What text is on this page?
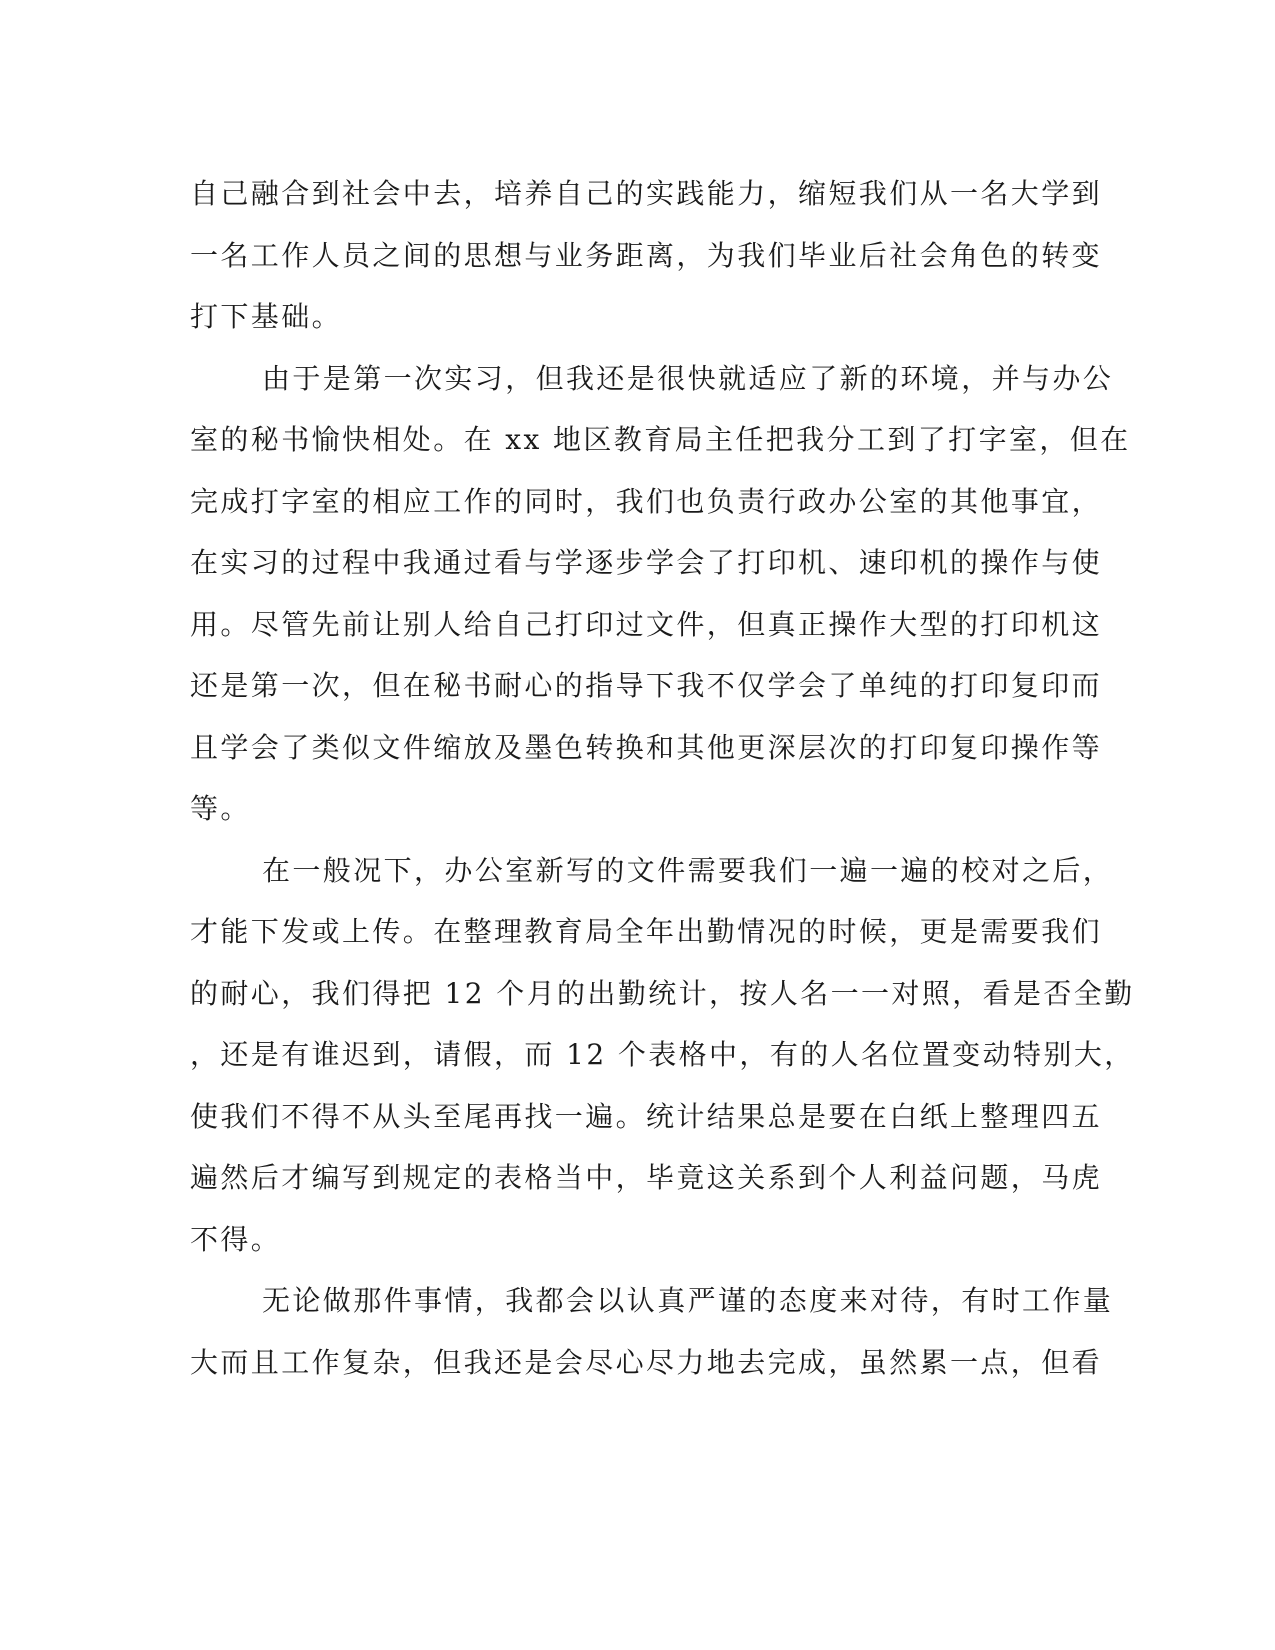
自己融合到社会中去，培养自己的实践能力，缩短我们从一名大学到
一名工作人员之间的思想与业务距离，为我们毕业后社会角色的转变
打下基础。
由于是第一次实习，但我还是很快就适应了新的环境，并与办公
室的秘书愉快相处。在 xx 地区教育局主任把我分工到了打字室，但在
完成打字室的相应工作的同时，我们也负责行政办公室的其他事宜，
在实习的过程中我通过看与学逐步学会了打印机、速印机的操作与使
用。尽管先前让别人给自己打印过文件，但真正操作大型的打印机这
还是第一次，但在秘书耐心的指导下我不仅学会了单纯的打印复印而
且学会了类似文件缩放及墨色转换和其他更深层次的打印复印操作等
等。
在一般况下，办公室新写的文件需要我们一遍一遍的校对之后，
才能下发或上传。在整理教育局全年出勤情况的时候，更是需要我们
的耐心，我们得把 12 个月的出勤统计，按人名一一对照，看是否全勤
，还是有谁迟到，请假，而 12 个表格中，有的人名位置变动特别大，
使我们不得不从头至尾再找一遍。统计结果总是要在白纸上整理四五
遍然后才编写到规定的表格当中，毕竟这关系到个人利益问题，马虎
不得。
无论做那件事情，我都会以认真严谨的态度来对待，有时工作量
大而且工作复杂，但我还是会尽心尽力地去完成，虽然累一点，但看
